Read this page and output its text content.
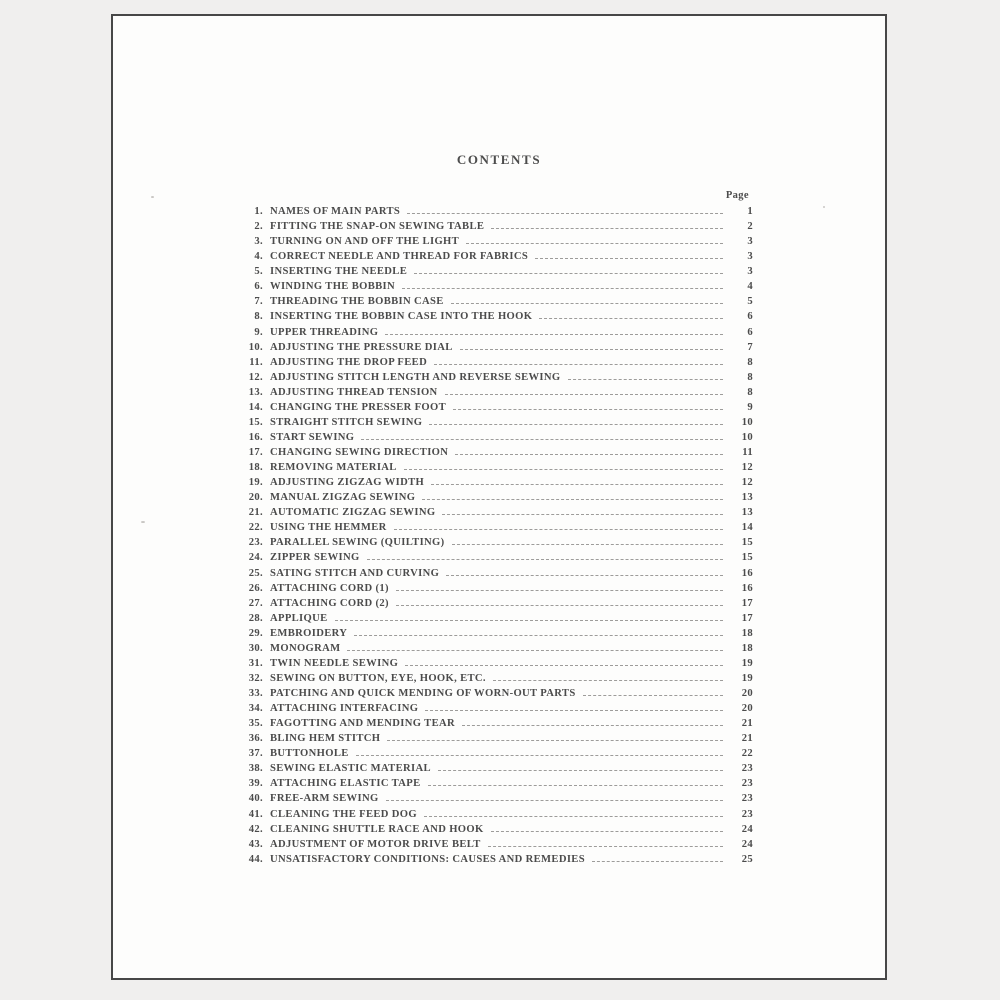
CONTENTS
Page
1. NAMES OF MAIN PARTS	1
2. FITTING THE SNAP-ON SEWING TABLE	2
3. TURNING ON AND OFF THE LIGHT	3
4. CORRECT NEEDLE AND THREAD FOR FABRICS	3
5. INSERTING THE NEEDLE	3
6. WINDING THE BOBBIN	4
7. THREADING THE BOBBIN CASE	5
8. INSERTING THE BOBBIN CASE INTO THE HOOK	6
9. UPPER THREADING	6
10. ADJUSTING THE PRESSURE DIAL	7
11. ADJUSTING THE DROP FEED	8
12. ADJUSTING STITCH LENGTH AND REVERSE SEWING	8
13. ADJUSTING THREAD TENSION	8
14. CHANGING THE PRESSER FOOT	9
15. STRAIGHT STITCH SEWING	10
16. START SEWING	10
17. CHANGING SEWING DIRECTION	11
18. REMOVING MATERIAL	12
19. ADJUSTING ZIGZAG WIDTH	12
20. MANUAL ZIGZAG SEWING	13
21. AUTOMATIC ZIGZAG SEWING	13
22. USING THE HEMMER	14
23. PARALLEL SEWING (QUILTING)	15
24. ZIPPER SEWING	15
25. SATING STITCH AND CURVING	16
26. ATTACHING CORD (1)	16
27. ATTACHING CORD (2)	17
28. APPLIQUE	17
29. EMBROIDERY	18
30. MONOGRAM	18
31. TWIN NEEDLE SEWING	19
32. SEWING ON BUTTON, EYE, HOOK, ETC.	19
33. PATCHING AND QUICK MENDING OF WORN-OUT PARTS	20
34. ATTACHING INTERFACING	20
35. FAGOTTING AND MENDING TEAR	21
36. BLING HEM STITCH	21
37. BUTTONHOLE	22
38. SEWING ELASTIC MATERIAL	23
39. ATTACHING ELASTIC TAPE	23
40. FREE-ARM SEWING	23
41. CLEANING THE FEED DOG	23
42. CLEANING SHUTTLE RACE AND HOOK	24
43. ADJUSTMENT OF MOTOR DRIVE BELT	24
44. UNSATISFACTORY CONDITIONS: CAUSES AND REMEDIES	25
